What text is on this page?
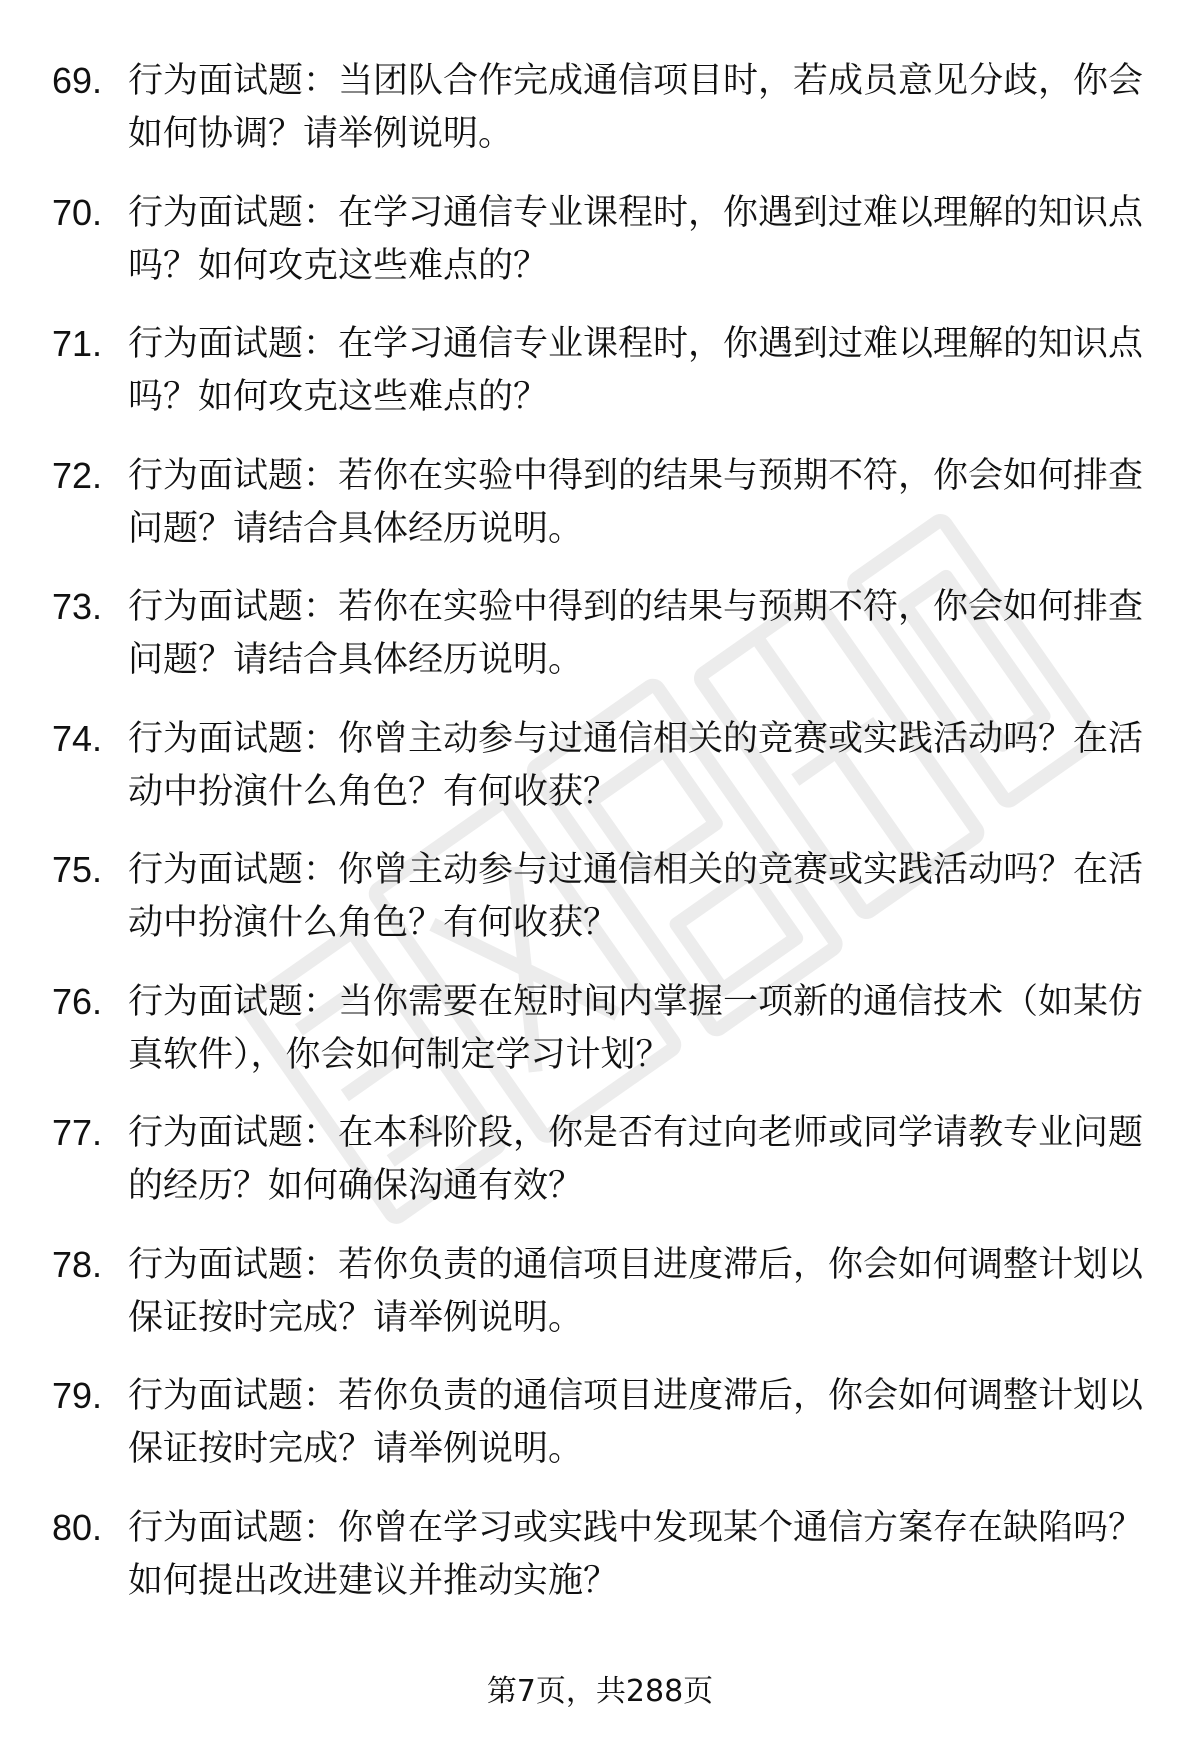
69. 行为面试题：当团队合作完成通信项目时，若成员意见分歧，你会如何协调？请举例说明。
70. 行为面试题：在学习通信专业课程时，你遇到过难以理解的知识点吗？如何攻克这些难点的？
71. 行为面试题：在学习通信专业课程时，你遇到过难以理解的知识点吗？如何攻克这些难点的？
72. 行为面试题：若你在实验中得到的结果与预期不符，你会如何排查问题？请结合具体经历说明。
73. 行为面试题：若你在实验中得到的结果与预期不符，你会如何排查问题？请结合具体经历说明。
74. 行为面试题：你曾主动参与过通信相关的竞赛或实践活动吗？在活动中扮演什么角色？有何收获？
75. 行为面试题：你曾主动参与过通信相关的竞赛或实践活动吗？在活动中扮演什么角色？有何收获？
76. 行为面试题：当你需要在短时间内掌握一项新的通信技术（如某仿真软件），你会如何制定学习计划？
77. 行为面试题：在本科阶段，你是否有过向老师或同学请教专业问题的经历？如何确保沟通有效？
78. 行为面试题：若你负责的通信项目进度滞后，你会如何调整计划以保证按时完成？请举例说明。
79. 行为面试题：若你负责的通信项目进度滞后，你会如何调整计划以保证按时完成？请举例说明。
80. 行为面试题：你曾在学习或实践中发现某个通信方案存在缺陷吗？如何提出改进建议并推动实施？
第7页，共288页
